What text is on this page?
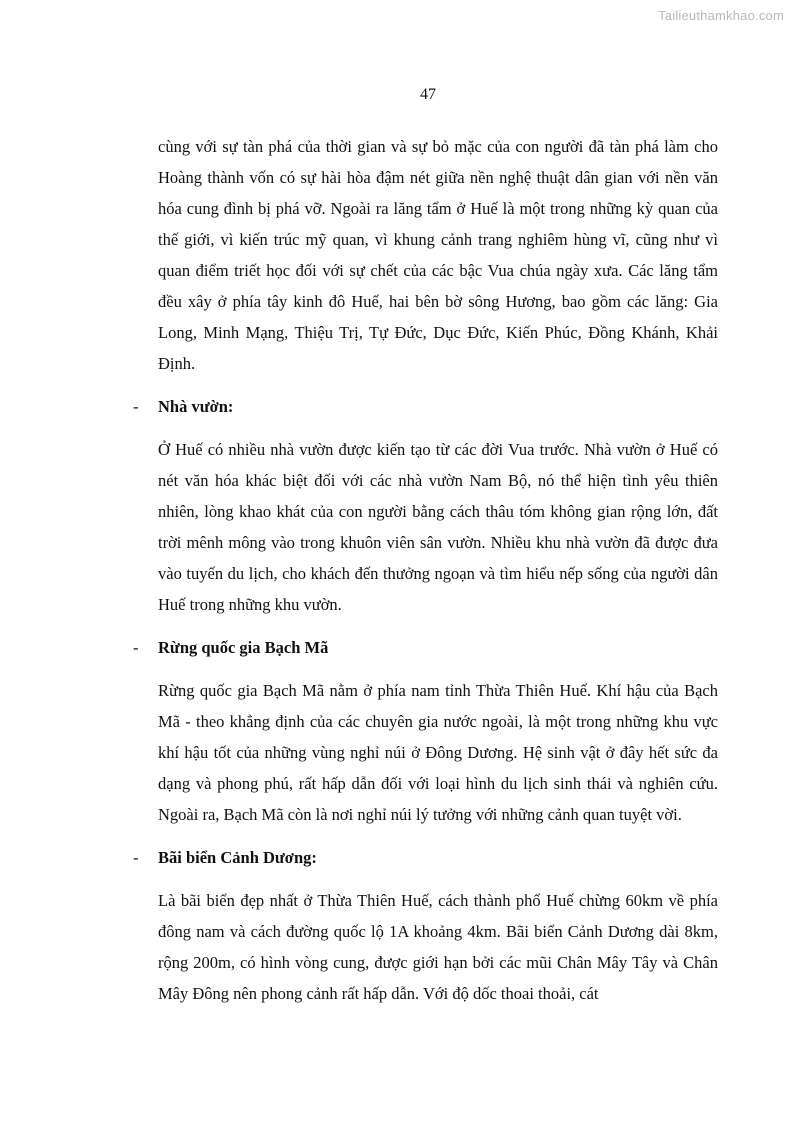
Tailieuthamkhao.com
47

cùng với sự tàn phá của thời gian và sự bỏ mặc của con người đã tàn phá làm cho Hoàng thành vốn có sự hài hòa đậm nét giữa nền nghệ thuật dân gian với nền văn hóa cung đình bị phá vỡ. Ngoài ra lăng tẩm ở Huế là một trong những kỳ quan của thế giới, vì kiến trúc mỹ quan, vì khung cảnh trang nghiêm hùng vĩ, cũng như vì quan điểm triết học đối với sự chết của các bậc Vua chúa ngày xưa. Các lăng tẩm đều xây ở phía tây kinh đô Huế, hai bên bờ sông Hương, bao gồm các lăng: Gia Long, Minh Mạng, Thiệu Trị, Tự Đức, Dục Đức, Kiến Phúc, Đồng Khánh, Khải Định.

- Nhà vườn:

Ở Huế có nhiều nhà vườn được kiến tạo từ các đời Vua trước. Nhà vườn ở Huế có nét văn hóa khác biệt đối với các nhà vườn Nam Bộ, nó thể hiện tình yêu thiên nhiên, lòng khao khát của con người bằng cách thâu tóm không gian rộng lớn, đất trời mênh mông vào trong khuôn viên sân vườn. Nhiều khu nhà vườn đã được đưa vào tuyến du lịch, cho khách đến thưởng ngoạn và tìm hiểu nếp sống của người dân Huế trong những khu vườn.

- Rừng quốc gia Bạch Mã

Rừng quốc gia Bạch Mã nằm ở phía nam tỉnh Thừa Thiên Huế. Khí hậu của Bạch Mã - theo khẳng định của các chuyên gia nước ngoài, là một trong những khu vực khí hậu tốt của những vùng nghỉ núi ở Đông Dương. Hệ sinh vật ở đây hết sức đa dạng và phong phú, rất hấp dẫn đối với loại hình du lịch sinh thái và nghiên cứu. Ngoài ra, Bạch Mã còn là nơi nghỉ núi lý tưởng với những cảnh quan tuyệt vời.

- Bãi biển Cảnh Dương:

Là bãi biển đẹp nhất ở Thừa Thiên Huế, cách thành phố Huế chừng 60km về phía đông nam và cách đường quốc lộ 1A khoảng 4km. Bãi biển Cảnh Dương dài 8km, rộng 200m, có hình vòng cung, được giới hạn bởi các mũi Chân Mây Tây và Chân Mây Đông nên phong cảnh rất hấp dẫn. Với độ dốc thoai thoải, cát
